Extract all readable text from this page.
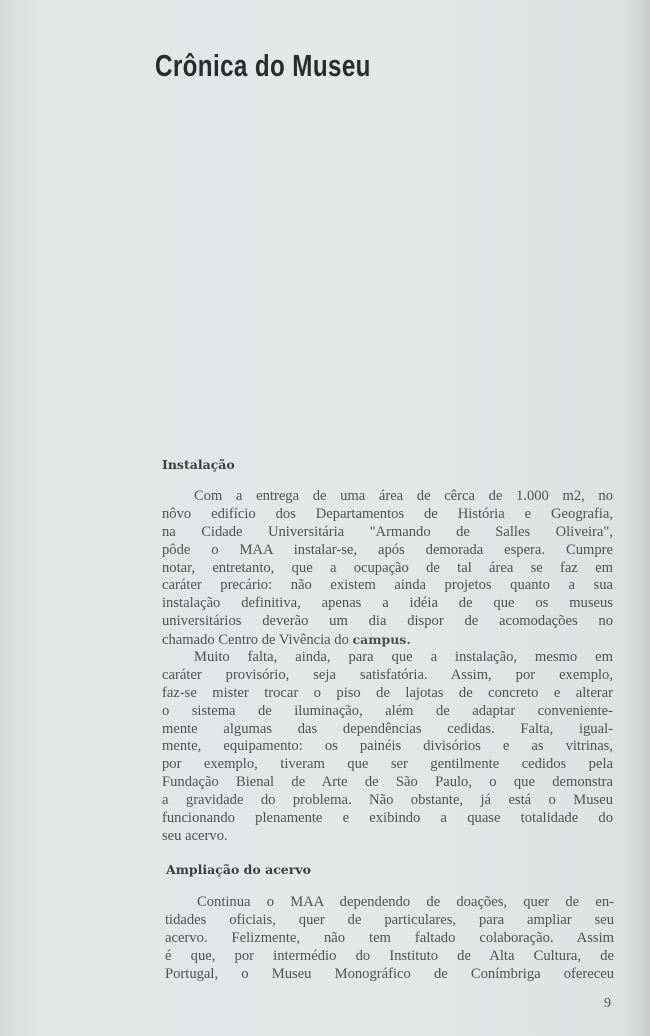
Crônica do Museu
Instalação
Com a entrega de uma área de cêrca de 1.000 m2, no
nôvo edifício dos Departamentos de História e Geografia,
na Cidade Universitária "Armando de Salles Oliveira",
pôde o MAA instalar-se, após demorada espera. Cumpre
notar, entretanto, que a ocupação de tal área se faz em
caráter precário: não existem ainda projetos quanto a sua
instalação definitiva, apenas a idéia de que os museus
universitários deverão um dia dispor de acomodações no
chamado Centro de Vivência do campus.
Muito falta, ainda, para que a instalação, mesmo em
caráter provisório, seja satisfatória. Assim, por exemplo,
faz-se mister trocar o piso de lajotas de concreto e alterar
o sistema de iluminação, além de adaptar conveniente-
mente algumas das dependências cedidas. Falta, igual-
mente, equipamento: os painéis divisórios e as vitrinas,
por exemplo, tiveram que ser gentilmente cedidos pela
Fundação Bienal de Arte de São Paulo, o que demonstra
a gravidade do problema. Não obstante, já está o Museu
funcionando plenamente e exibindo a quase totalidade do
seu acervo.
Ampliação do acervo
Continua o MAA dependendo de doações, quer de en-
tidades oficiais, quer de particulares, para ampliar seu
acervo. Felizmente, não tem faltado colaboração. Assim
é que, por intermédio do Instituto de Alta Cultura, de
Portugal, o Museu Monográfico de Conímbriga ofereceu
9
